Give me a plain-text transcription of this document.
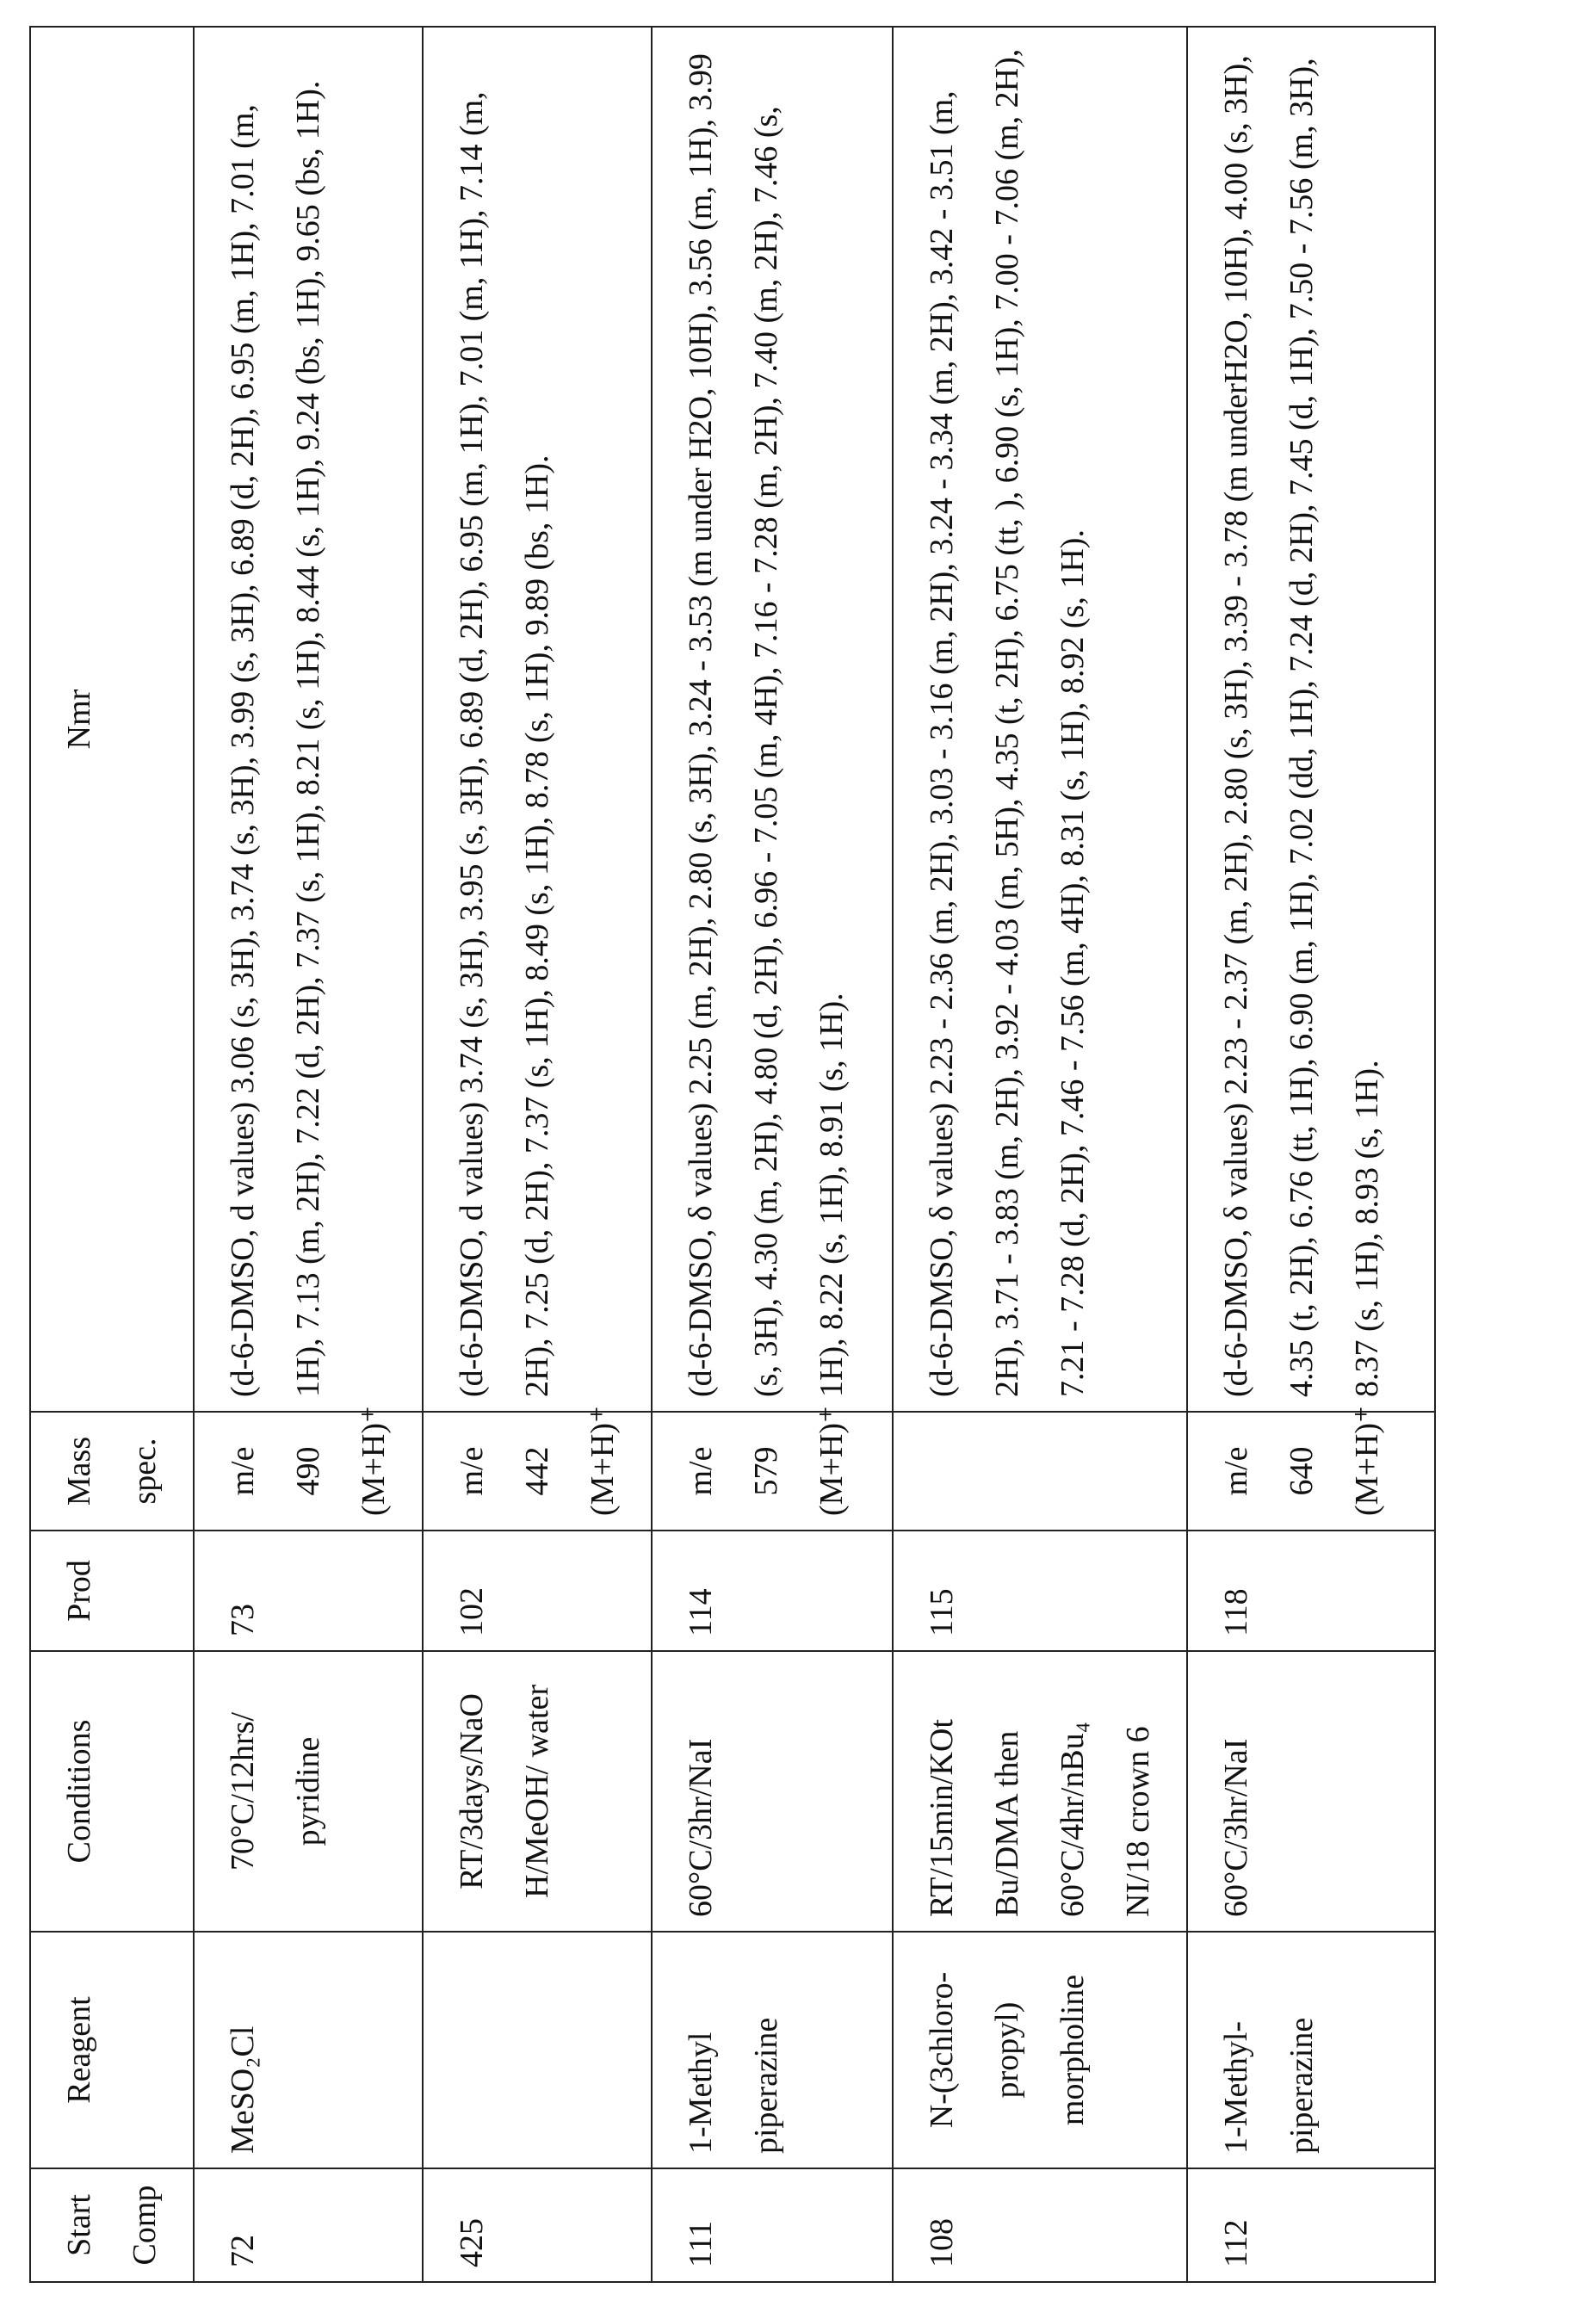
Start Comp	Reagent	Conditions	Prod	Mass spec.	Nmr
72	MeSO₂Cl	70°C/12hrs/ pyridine	73	m/e 490 (M+H)⁺	(d-6-DMSO, d values) 3.06 (s, 3H), 3.74 (s, 3H), 3.99 (s, 3H), 6.89 (d, 2H), 6.95 (m, 1H), 7.01 (m, 1H), 7.13 (m, 2H), 7.22 (d, 2H), 7.37 (s, 1H), 8.21 (s, 1H), 8.44 (s, 1H), 9.24 (bs, 1H), 9.65 (bs, 1H).
425		RT/3days/NaO H/MeOH/ water	102	m/e 442 (M+H)⁺	(d-6-DMSO, d values) 3.74 (s, 3H), 3.95 (s, 3H), 6.89 (d, 2H), 6.95 (m, 1H), 7.01 (m, 1H), 7.14 (m, 2H), 7.25 (d, 2H), 7.37 (s, 1H), 8.49 (s, 1H), 8.78 (s, 1H), 9.89 (bs, 1H).
111	1-Methyl piperazine	60°C/3hr/NaI	114	m/e 579 (M+H)⁺	(d-6-DMSO, δ values) 2.25 (m, 2H), 2.80 (s, 3H), 3.24 - 3.53 (m under H2O, 10H), 3.56 (m, 1H), 3.99 (s, 3H), 4.30 (m, 2H), 4.80 (d, 2H), 6.96 - 7.05 (m, 4H), 7.16 - 7.28 (m, 2H), 7.40 (m, 2H), 7.46 (s, 1H), 8.22 (s, 1H), 8.91 (s, 1H).
108	N-(3chloro- propyl) morpholine	RT/15min/KOt Bu/DMA then 60°C/4hr/nBu₄ NI/18 crown 6	115		(d-6-DMSO, δ values) 2.23 - 2.36 (m, 2H), 3.03 - 3.16 (m, 2H), 3.24 - 3.34 (m, 2H), 3.42 - 3.51 (m, 2H), 3.71 - 3.83 (m, 2H), 3.92 - 4.03 (m, 5H), 4.35 (t, 2H), 6.75 (tt, ), 6.90 (s, 1H), 7.00 - 7.06 (m, 2H), 7.21 - 7.28 (d, 2H), 7.46 - 7.56 (m, 4H), 8.31 (s, 1H), 8.92 (s, 1H).
112	1-Methyl- piperazine	60°C/3hr/NaI	118	m/e 640 (M+H)⁺	(d-6-DMSO, δ values) 2.23 - 2.37 (m, 2H), 2.80 (s, 3H), 3.39 - 3.78 (m underH2O, 10H), 4.00 (s, 3H), 4.35 (t, 2H), 6.76 (tt, 1H), 6.90 (m, 1H), 7.02 (dd, 1H), 7.24 (d, 2H), 7.45 (d, 1H), 7.50 - 7.56 (m, 3H), 8.37 (s, 1H), 8.93 (s, 1H).
